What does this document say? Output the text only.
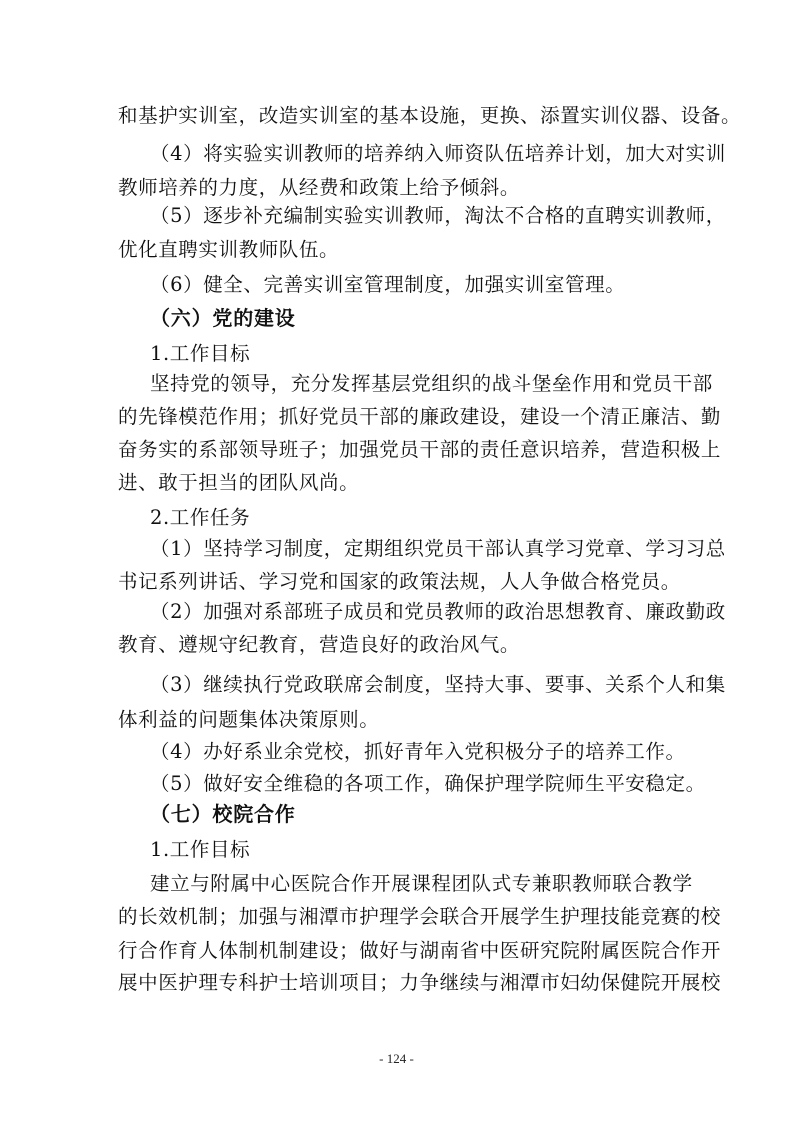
和基护实训室，改造实训室的基本设施，更换、添置实训仪器、设备。
（4）将实验实训教师的培养纳入师资队伍培养计划，加大对实训
教师培养的力度，从经费和政策上给予倾斜。
（5）逐步补充编制实验实训教师，淘汰不合格的直聘实训教师，
优化直聘实训教师队伍。
（6）健全、完善实训室管理制度，加强实训室管理。
（六）党的建设
1.工作目标
坚持党的领导，充分发挥基层党组织的战斗堡垒作用和党员干部
的先锋模范作用；抓好党员干部的廉政建设，建设一个清正廉洁、勤
奋务实的系部领导班子；加强党员干部的责任意识培养，营造积极上
进、敢于担当的团队风尚。
2.工作任务
（1）坚持学习制度，定期组织党员干部认真学习党章、学习习总
书记系列讲话、学习党和国家的政策法规，人人争做合格党员。
（2）加强对系部班子成员和党员教师的政治思想教育、廉政勤政
教育、遵规守纪教育，营造良好的政治风气。
（3）继续执行党政联席会制度，坚持大事、要事、关系个人和集
体利益的问题集体决策原则。
（4）办好系业余党校，抓好青年入党积极分子的培养工作。
（5）做好安全维稳的各项工作，确保护理学院师生平安稳定。
（七）校院合作
1.工作目标
建立与附属中心医院合作开展课程团队式专兼职教师联合教学
的长效机制；加强与湘潭市护理学会联合开展学生护理技能竞赛的校
行合作育人体制机制建设；做好与湖南省中医研究院附属医院合作开
展中医护理专科护士培训项目；力争继续与湘潭市妇幼保健院开展校
- 124 -
